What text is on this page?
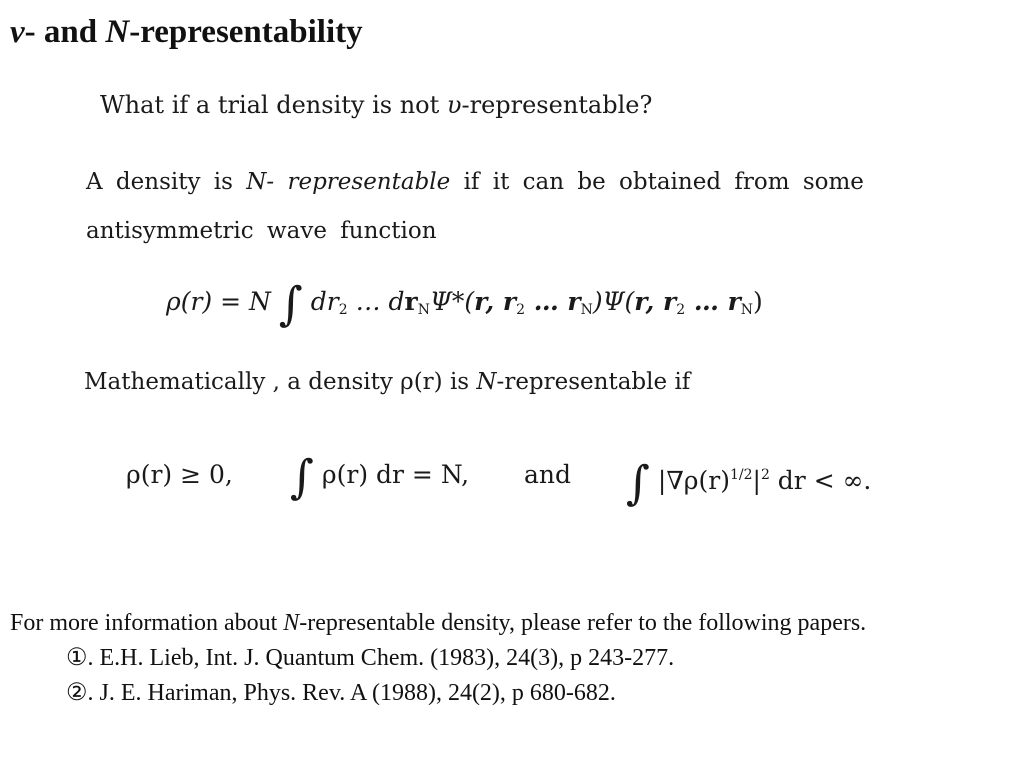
v- and N-representability
What if a trial density is not υ-representable?
A density is N- representable if it can be obtained from some
antisymmetric wave function
ρ(r) = N ∫ $dr_2$ … $dr_N\Psi*(r$, $r_2$ … $r_N)\Psi(r$, $r_2$ … $r_N$)
Mathematically , a density ρ(r) is N-representable if
ρ(r) ≥ 0, ∫ ρ(r) dr = N, and ∫ $|\nabla\rho(r)^{1/2}|^2$ dr < ∞.

For more information about N-representable density, please refer to the following papers.

①. E.H. Lieb, Int. J. Quantum Chem. (1983), 24(3), p 243-277.

②. J. E. Hariman, Phys. Rev. A (1988), 24(2), p 680-682.
